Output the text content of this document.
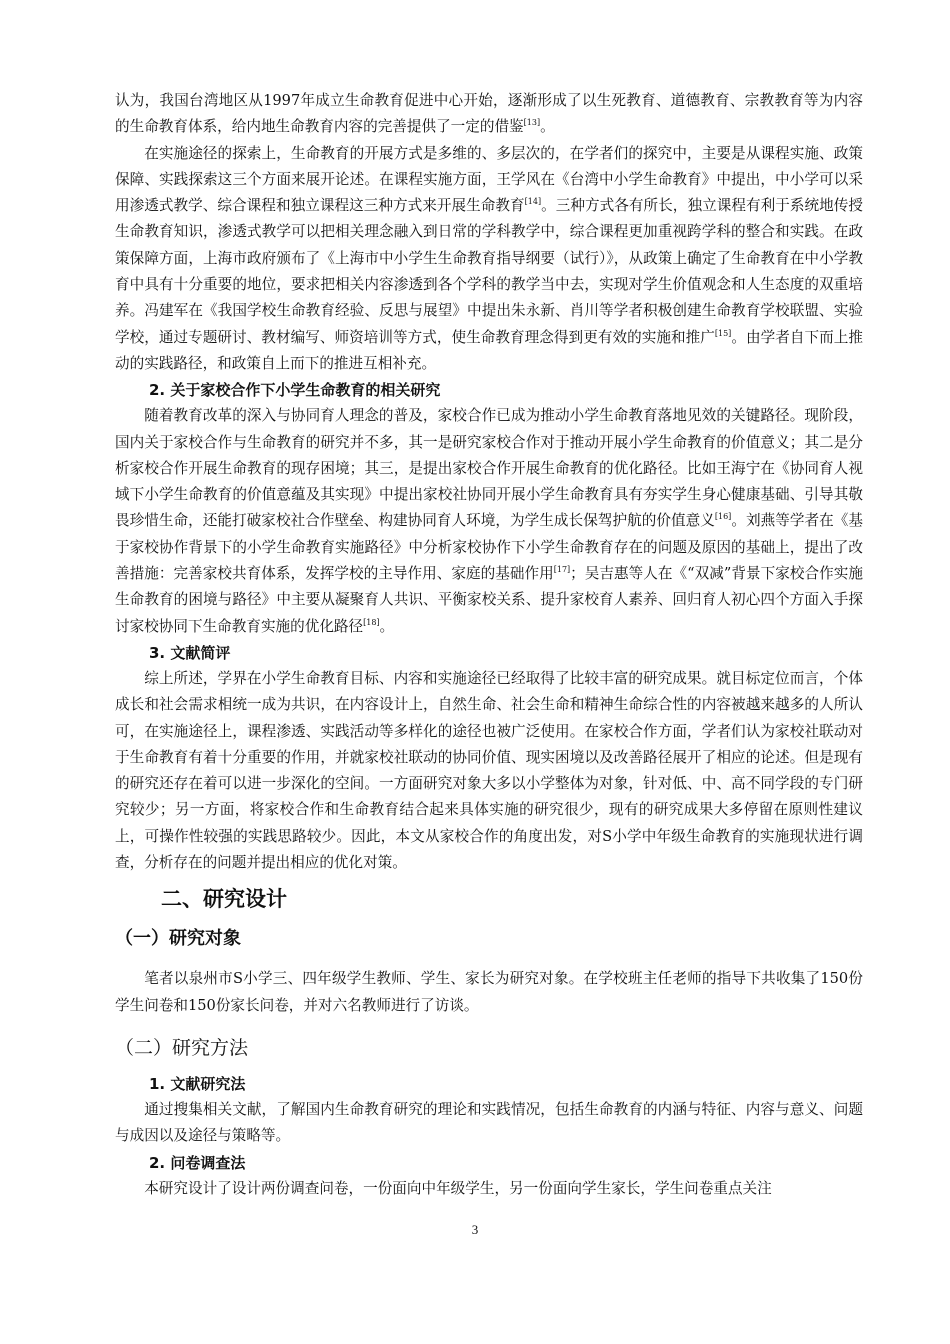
认为，我国台湾地区从1997年成立生命教育促进中心开始，逐渐形成了以生死教育、道德教育、宗教教育等为内容的生命教育体系，给内地生命教育内容的完善提供了一定的借鉴[13]。

在实施途径的探索上，生命教育的开展方式是多维的、多层次的，在学者们的探究中，主要是从课程实施、政策保障、实践探索这三个方面来展开论述。在课程实施方面，王学风在《台湾中小学生命教育》中提出，中小学可以采用渗透式教学、综合课程和独立课程这三种方式来开展生命教育[14]。三种方式各有所长，独立课程有利于系统地传授生命教育知识，渗透式教学可以把相关理念融入到日常的学科教学中，综合课程更加重视跨学科的整合和实践。在政策保障方面，上海市政府颁布了《上海市中小学生生命教育指导纲要（试行）》，从政策上确定了生命教育在中小学教育中具有十分重要的地位，要求把相关内容渗透到各个学科的教学当中去，实现对学生价值观念和人生态度的双重培养。冯建军在《我国学校生命教育经验、反思与展望》中提出朱永新、肖川等学者积极创建生命教育学校联盟、实验学校，通过专题研讨、教材编写、师资培训等方式，使生命教育理念得到更有效的实施和推广[15]。由学者自下而上推动的实践路径，和政策自上而下的推进互相补充。

2. 关于家校合作下小学生命教育的相关研究

随着教育改革的深入与协同育人理念的普及，家校合作已成为推动小学生命教育落地见效的关键路径。现阶段，国内关于家校合作与生命教育的研究并不多，其一是研究家校合作对于推动开展小学生命教育的价值意义；其二是分析家校合作开展生命教育的现存困境；其三，是提出家校合作开展生命教育的优化路径。比如王海宁在《协同育人视域下小学生命教育的价值意蕴及其实现》中提出家校社协同开展小学生命教育具有夯实学生身心健康基础、引导其敬畏珍惜生命，还能打破家校社合作壁垒、构建协同育人环境，为学生成长保驾护航的价值意义[16]。刘燕等学者在《基于家校协作背景下的小学生命教育实施路径》中分析家校协作下小学生命教育存在的问题及原因的基础上，提出了改善措施：完善家校共育体系，发挥学校的主导作用、家庭的基础作用[17]；吴吉惠等人在《“双减”背景下家校合作实施生命教育的困境与路径》中主要从凝聚育人共识、平衡家校关系、提升家校育人素养、回归育人初心四个方面入手探讨家校协同下生命教育实施的优化路径[18]。

3. 文献简评

综上所述，学界在小学生命教育目标、内容和实施途径已经取得了比较丰富的研究成果。就目标定位而言，个体成长和社会需求相统一成为共识，在内容设计上，自然生命、社会生命和精神生命综合性的内容被越来越多的人所认可，在实施途径上，课程渗透、实践活动等多样化的途径也被广泛使用。在家校合作方面，学者们认为家校社联动对于生命教育有着十分重要的作用，并就家校社联动的协同价值、现实困境以及改善路径展开了相应的论述。但是现有的研究还存在着可以进一步深化的空间。一方面研究对象大多以小学整体为对象，针对低、中、高不同学段的专门研究较少；另一方面，将家校合作和生命教育结合起来具体实施的研究很少，现有的研究成果大多停留在原则性建议上，可操作性较强的实践思路较少。因此，本文从家校合作的角度出发，对S小学中年级生命教育的实施现状进行调查，分析存在的问题并提出相应的优化对策。

二、研究设计
（一）研究对象

笔者以泉州市S小学三、四年级学生教师、学生、家长为研究对象。在学校班主任老师的指导下共收集了150份学生问卷和150份家长问卷，并对六名教师进行了访谈。

（二）研究方法
1. 文献研究法

通过搜集相关文献，了解国内生命教育研究的理论和实践情况，包括生命教育的内涵与特征、内容与意义、问题与成因以及途径与策略等。

2. 问卷调查法

本研究设计了设计两份调查问卷，一份面向中年级学生，另一份面向学生家长，学生问卷重点关注

3
